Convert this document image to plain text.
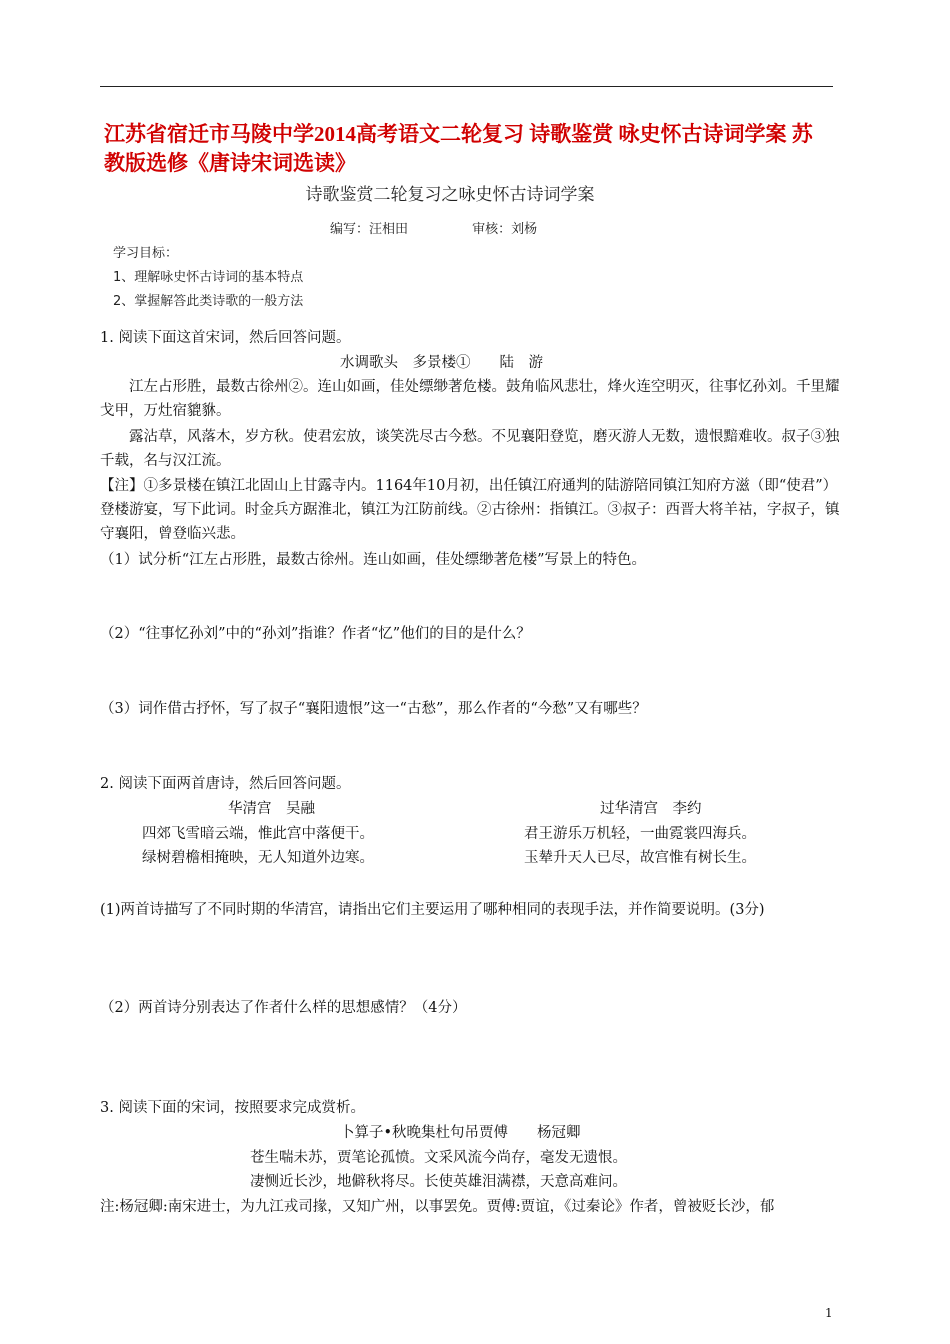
江苏省宿迁市马陵中学2014高考语文二轮复习 诗歌鉴赏 咏史怀古诗词学案 苏教版选修《唐诗宋词选读》
诗歌鉴赏二轮复习之咏史怀古诗词学案
编写：汪相田	审核：刘杨
学习目标：
1、理解咏史怀古诗词的基本特点
2、掌握解答此类诗歌的一般方法
1. 阅读下面这首宋词，然后回答问题。
水调歌头　多景楼①　　陆　游
江左占形胜，最数古徐州②。连山如画，佳处缥缈著危楼。鼓角临风悲壮，烽火连空明灭，往事忆孙刘。千里耀戈甲，万灶宿貔貅。
露沾草，风落木，岁方秋。使君宏放，谈笑洗尽古今愁。不见襄阳登览，磨灭游人无数，遗恨黯难收。叔子③独千载，名与汉江流。
【注】①多景楼在镇江北固山上甘露寺内。1164年10月初，出任镇江府通判的陆游陪同镇江知府方滋（即“使君”）登楼游宴，写下此词。时金兵方踞淮北，镇江为江防前线。②古徐州：指镇江。③叔子：西晋大将羊祜，字叔子，镇守襄阳，曾登临兴悲。
（1）试分析“江左占形胜，最数古徐州。连山如画，佳处缥缈著危楼”写景上的特色。
（2）“往事忆孙刘”中的“孙刘”指谁？作者“忆”他们的目的是什么？
（3）词作借古抒怀，写了叔子“襄阳遗恨”这一“古愁”，那么作者的“今愁”又有哪些？
2. 阅读下面两首唐诗，然后回答问题。
华清宫　吴融
四郊飞雪暗云端，惟此宫中落便干。
绿树碧檐相掩映，无人知道外边寒。
过华清宫　李约
君王游乐万机轻，一曲霓裳四海兵。
玉辇升天人已尽，故宫惟有树长生。
(1)两首诗描写了不同时期的华清宫，请指出它们主要运用了哪种相同的表现手法，并作简要说明。(3分)
（2）两首诗分别表达了作者什么样的思想感情？（4分）
3. 阅读下面的宋词，按照要求完成赏析。
卜算子•秋晚集杜句吊贾傅　　杨冠卿
苍生喘未苏，贾笔论孤愤。文采风流今尚存，毫发无遗恨。
凄恻近长沙，地僻秋将尽。长使英雄泪满襟，天意高难问。
注:杨冠卿:南宋进士，为九江戎司掾，又知广州，以事罢免。贾傅:贾谊，《过秦论》作者，曾被贬长沙，郁
1
